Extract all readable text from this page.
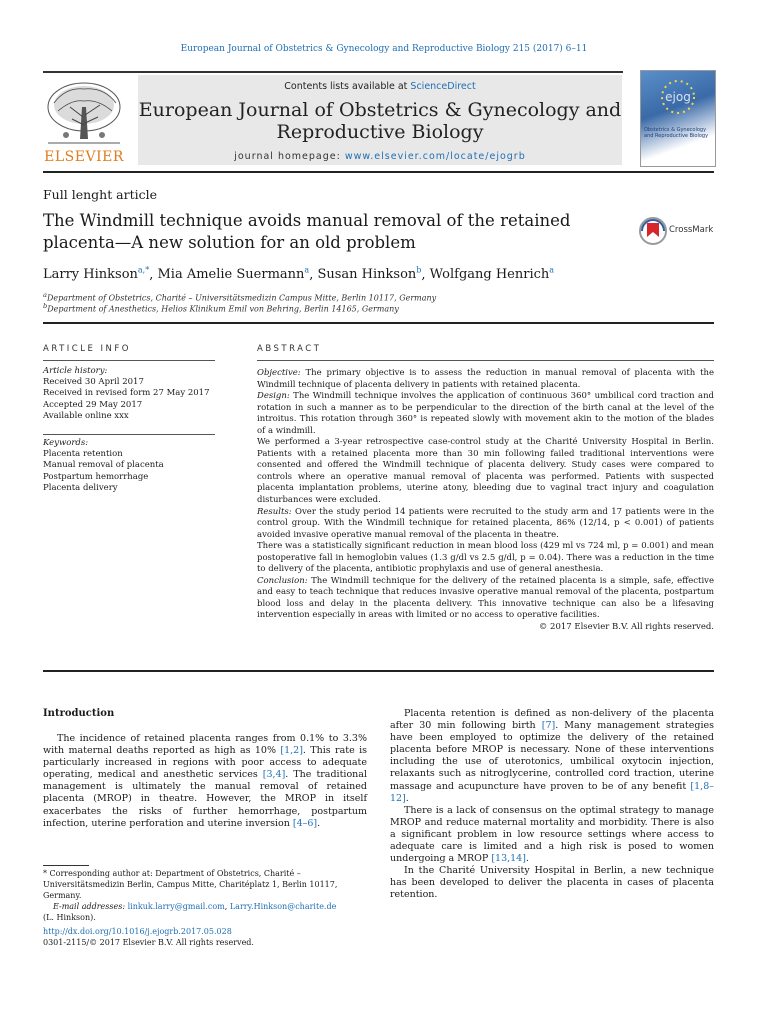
European Journal of Obstetrics & Gynecology and Reproductive Biology 215 (2017) 6–11
ELSEVIER
Contents lists available at ScienceDirect
European Journal of Obstetrics & Gynecology and
Reproductive Biology
journal homepage: www.elsevier.com/locate/ejogrb
ejog
Obstetrics & Gynecology
and Reproductive Biology
Full lenght article
The Windmill technique avoids manual removal of the retained
placenta—A new solution for an old problem
CrossMark
Larry Hinkson$^{a,*}$, Mia Amelie Suermann$^a$, Susan Hinkson$^b$, Wolfgang Henrich$^a$
$^a$Department of Obstetrics, Charité – Universitätsmedizin Campus Mitte, Berlin 10117, Germany
$^b$Department of Anesthetics, Helios Klinikum Emil von Behring, Berlin 14165, Germany
ARTICLE INFO	ABSTRACT
Article history:
Received 30 April 2017
Received in revised form 27 May 2017
Accepted 29 May 2017
Available online xxx
Keywords:
Placenta retention
Manual removal of placenta
Postpartum hemorrhage
Placenta delivery

Objective: The primary objective is to assess the reduction in manual removal of placenta with the Windmill technique of placenta delivery in patients with retained placenta.

Design: The Windmill technique involves the application of continuous 360° umbilical cord traction and rotation in such a manner as to be perpendicular to the direction of the birth canal at the level of the introitus. This rotation through 360° is repeated slowly with movement akin to the motion of the blades of a windmill.

We performed a 3-year retrospective case-control study at the Charité University Hospital in Berlin. Patients with a retained placenta more than 30 min following failed traditional interventions were consented and offered the Windmill technique of placenta delivery. Study cases were compared to controls where an operative manual removal of placenta was performed. Patients with suspected placenta implantation problems, uterine atony, bleeding due to vaginal tract injury and coagulation disturbances were excluded.

Results: Over the study period 14 patients were recruited to the study arm and 17 patients were in the control group. With the Windmill technique for retained placenta, 86% (12/14, p < 0.001) of patients avoided invasive operative manual removal of the placenta in theatre.

There was a statistically significant reduction in mean blood loss (429 ml vs 724 ml, p = 0.001) and mean postoperative fall in hemoglobin values (1.3 g/dl vs 2.5 g/dl, p = 0.04). There was a reduction in the time to delivery of the placenta, antibiotic prophylaxis and use of general anesthesia.

Conclusion: The Windmill technique for the delivery of the retained placenta is a simple, safe, effective and easy to teach technique that reduces invasive operative manual removal of the placenta, postpartum blood loss and delay in the placenta delivery. This innovative technique can also be a lifesaving intervention especially in areas with limited or no access to operative facilities.

© 2017 Elsevier B.V. All rights reserved.

Introduction

The incidence of retained placenta ranges from 0.1% to 3.3% with maternal deaths reported as high as 10% [1,2]. This rate is particularly increased in regions with poor access to adequate operating, medical and anesthetic services [3,4]. The traditional management is ultimately the manual removal of retained placenta (MROP) in theatre. However, the MROP in itself exacerbates the risks of further hemorrhage, postpartum infection, uterine perforation and uterine inversion [4–6].

* Corresponding author at: Department of Obstetrics, Charité – Universitätsmedizin Berlin, Campus Mitte, Charitéplatz 1, Berlin 10117, Germany.

E-mail addresses: linkuk.larry@gmail.com, Larry.Hinkson@charite.de

(L. Hinkson).

http://dx.doi.org/10.1016/j.ejogrb.2017.05.028
0301-2115/© 2017 Elsevier B.V. All rights reserved.

Placenta retention is defined as non-delivery of the placenta after 30 min following birth [7]. Many management strategies have been employed to optimize the delivery of the retained placenta before MROP is necessary. None of these interventions including the use of uterotonics, umbilical oxytocin injection, relaxants such as nitroglycerine, controlled cord traction, uterine massage and acupuncture have proven to be of any benefit [1,8–12].

There is a lack of consensus on the optimal strategy to manage MROP and reduce maternal mortality and morbidity. There is also a significant problem in low resource settings where access to adequate care is limited and a high risk is posed to women undergoing a MROP [13,14].

In the Charité University Hospital in Berlin, a new technique has been developed to deliver the placenta in cases of placenta retention.
